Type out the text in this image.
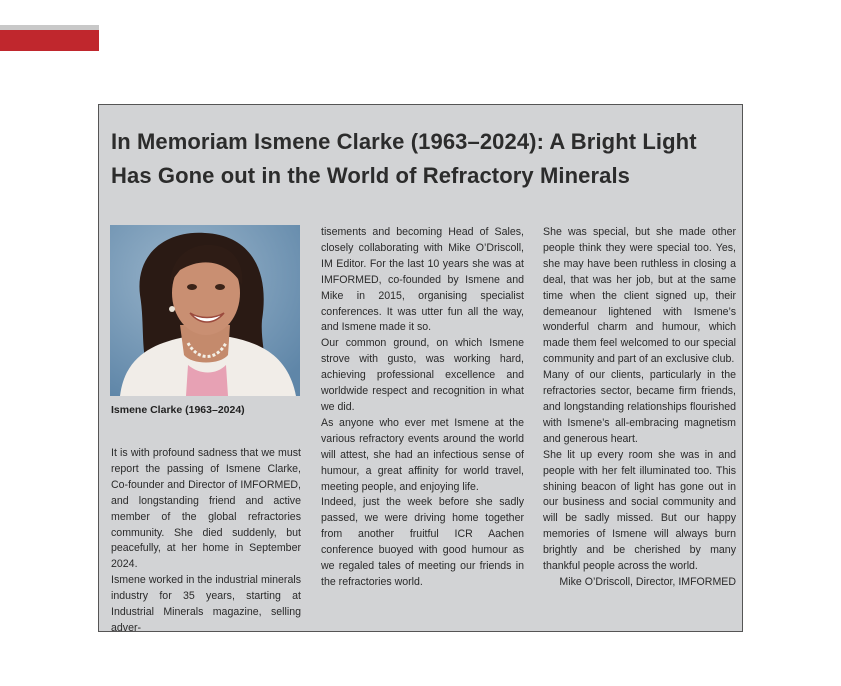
In Memoriam Ismene Clarke (1963–2024): A Bright Light Has Gone out in the World of Refractory Minerals
Ismene Clarke (1963–2024)

It is with profound sadness that we must report the passing of Ismene Clarke, Co-founder and Director of IMFORMED, and longstanding friend and active member of the global refractories community. She died suddenly, but peacefully, at her home in September 2024.

Ismene worked in the industrial minerals industry for 35 years, starting at Industrial Minerals magazine, selling adver-

tisements and becoming Head of Sales, closely collaborating with Mike O’Driscoll, IM Editor. For the last 10 years she was at IMFORMED, co-founded by Ismene and Mike in 2015, organising specialist conferences. It was utter fun all the way, and Ismene made it so.

Our common ground, on which Ismene strove with gusto, was working hard, achieving professional excellence and worldwide respect and recognition in what we did.

As anyone who ever met Ismene at the various refractory events around the world will attest, she had an infectious sense of humour, a great affinity for world travel, meeting people, and enjoying life.

Indeed, just the week before she sadly passed, we were driving home together from another fruitful ICR Aachen conference buoyed with good humour as we regaled tales of meeting our friends in the refractories world.

She was special, but she made other people think they were special too. Yes, she may have been ruthless in closing a deal, that was her job, but at the same time when the client signed up, their demeanour lightened with Ismene’s wonderful charm and humour, which made them feel welcomed to our special community and part of an exclusive club.

Many of our clients, particularly in the refractories sector, became firm friends, and longstanding relationships flourished with Ismene’s all-embracing magnetism and generous heart.

She lit up every room she was in and people with her felt illuminated too. This shining beacon of light has gone out in our business and social community and will be sadly missed. But our happy memories of Ismene will always burn brightly and be cherished by many thankful people across the world.

Mike O’Driscoll, Director, IMFORMED
